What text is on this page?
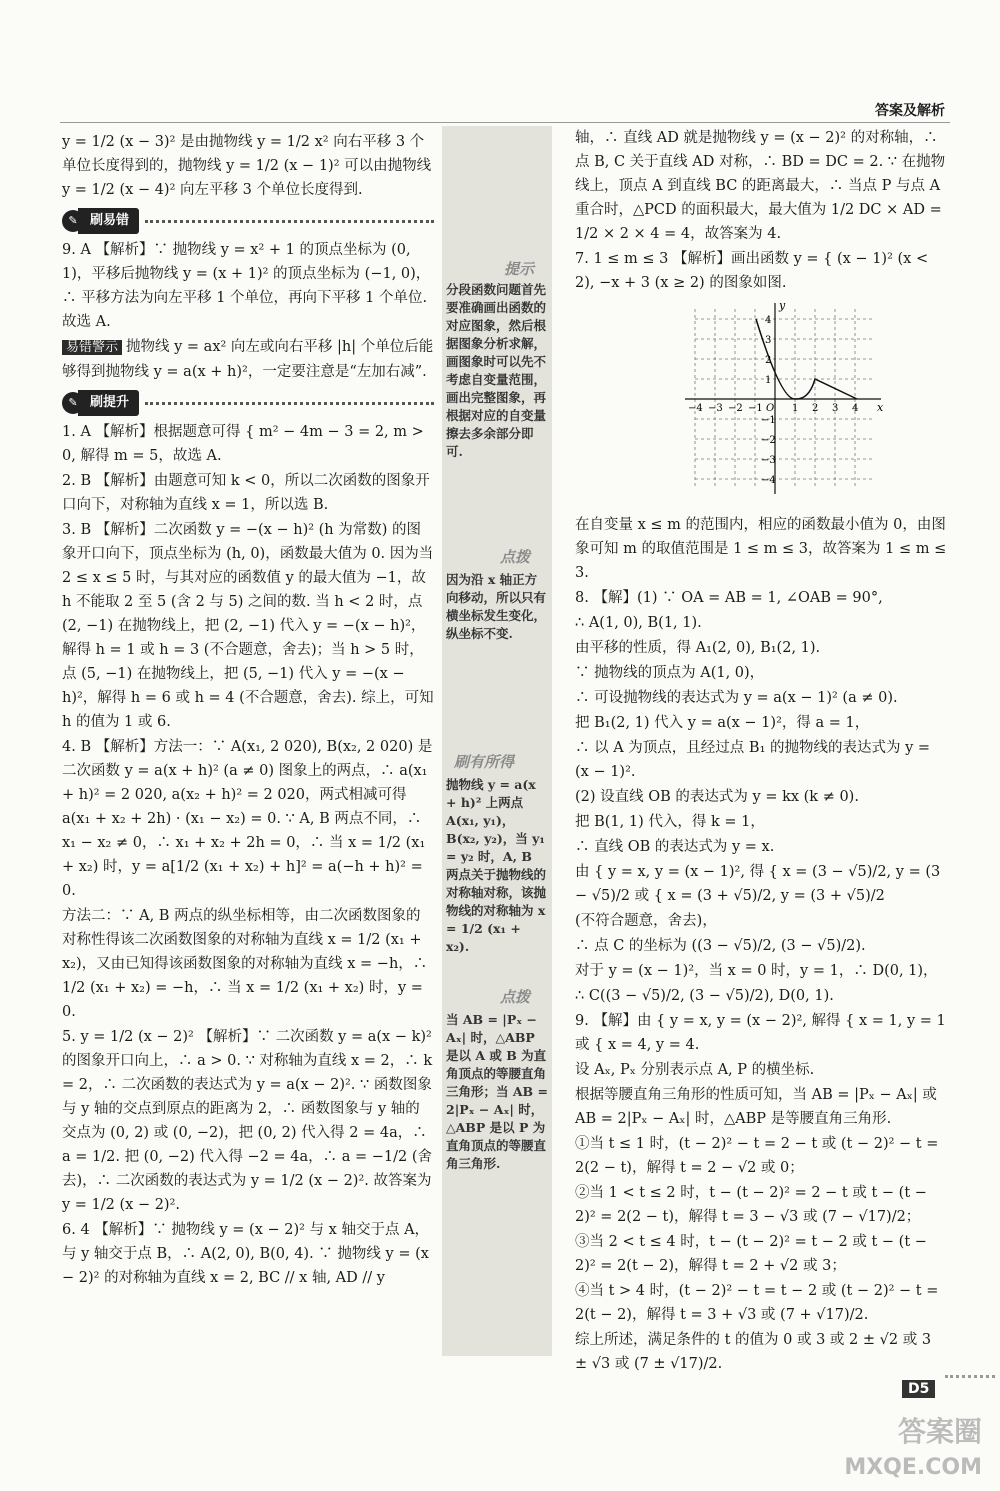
答案及解析

y = 1/2 (x − 3)² 是由抛物线 y = 1/2 x² 向右平移 3 个单位长度得到的，抛物线 y = 1/2 (x − 1)² 可以由抛物线 y = 1/2 (x − 4)² 向左平移 3 个单位长度得到.

✎ 刷易错

9. A 【解析】∵ 抛物线 y = x² + 1 的顶点坐标为 (0, 1)，平移后抛物线 y = (x + 1)² 的顶点坐标为 (−1, 0)，∴ 平移方法为向左平移 1 个单位，再向下平移 1 个单位. 故选 A.

易错警示 抛物线 y = ax² 向左或向右平移 |h| 个单位后能够得到抛物线 y = a(x + h)²，一定要注意是“左加右减”.

✎ 刷提升

1. A 【解析】根据题意可得 { m² − 4m − 3 = 2, m > 0, 解得 m = 5，故选 A.

2. B 【解析】由题意可知 k < 0，所以二次函数的图象开口向下，对称轴为直线 x = 1，所以选 B.

3. B 【解析】二次函数 y = −(x − h)² (h 为常数) 的图象开口向下，顶点坐标为 (h, 0)，函数最大值为 0. 因为当 2 ≤ x ≤ 5 时，与其对应的函数值 y 的最大值为 −1，故 h 不能取 2 至 5 (含 2 与 5) 之间的数. 当 h < 2 时，点 (2, −1) 在抛物线上，把 (2, −1) 代入 y = −(x − h)²，解得 h = 1 或 h = 3 (不合题意，舍去)；当 h > 5 时，点 (5, −1) 在抛物线上，把 (5, −1) 代入 y = −(x − h)²，解得 h = 6 或 h = 4 (不合题意，舍去). 综上，可知 h 的值为 1 或 6.

4. B 【解析】方法一：∵ A(x₁, 2 020), B(x₂, 2 020) 是二次函数 y = a(x + h)² (a ≠ 0) 图象上的两点，∴ a(x₁ + h)² = 2 020, a(x₂ + h)² = 2 020，两式相减可得 a(x₁ + x₂ + 2h) · (x₁ − x₂) = 0. ∵ A, B 两点不同，∴ x₁ − x₂ ≠ 0，∴ x₁ + x₂ + 2h = 0，∴ 当 x = 1/2 (x₁ + x₂) 时，y = a[1/2 (x₁ + x₂) + h]² = a(−h + h)² = 0.

方法二：∵ A, B 两点的纵坐标相等，由二次函数图象的对称性得该二次函数图象的对称轴为直线 x = 1/2 (x₁ + x₂)，又由已知得该函数图象的对称轴为直线 x = −h，∴ 1/2 (x₁ + x₂) = −h，∴ 当 x = 1/2 (x₁ + x₂) 时，y = 0.

5. y = 1/2 (x − 2)² 【解析】∵ 二次函数 y = a(x − k)² 的图象开口向上，∴ a > 0. ∵ 对称轴为直线 x = 2，∴ k = 2，∴ 二次函数的表达式为 y = a(x − 2)². ∵ 函数图象与 y 轴的交点到原点的距离为 2，∴ 函数图象与 y 轴的交点为 (0, 2) 或 (0, −2)，把 (0, 2) 代入得 2 = 4a，∴ a = 1/2. 把 (0, −2) 代入得 −2 = 4a，∴ a = −1/2 (舍去)，∴ 二次函数的表达式为 y = 1/2 (x − 2)². 故答案为 y = 1/2 (x − 2)².

6. 4 【解析】∵ 抛物线 y = (x − 2)² 与 x 轴交于点 A，与 y 轴交于点 B，∴ A(2, 0), B(0, 4). ∵ 抛物线 y = (x − 2)² 的对称轴为直线 x = 2, BC // x 轴, AD // y

提示
分段函数问题首先要准确画出函数的对应图象，然后根据图象分析求解，画图象时可以先不考虑自变量范围，画出完整图象，再根据对应的自变量擦去多余部分即可.
点拨
因为沿 x 轴正方向移动，所以只有横坐标发生变化，纵坐标不变.
刷有所得
抛物线 y = a(x + h)² 上两点 A(x₁, y₁)，B(x₂, y₂)，当 y₁ = y₂ 时，A, B 两点关于抛物线的对称轴对称，该抛物线的对称轴为 x = 1/2 (x₁ + x₂).
点拨
当 AB = |Pₓ − Aₓ| 时，△ABP 是以 A 或 B 为直角顶点的等腰直角三角形；当 AB = 2|Pₓ − Aₓ| 时，△ABP 是以 P 为直角顶点的等腰直角三角形.

轴，∴ 直线 AD 就是抛物线 y = (x − 2)² 的对称轴，∴ 点 B, C 关于直线 AD 对称，∴ BD = DC = 2. ∵ 在抛物线上，顶点 A 到直线 BC 的距离最大，∴ 当点 P 与点 A 重合时，△PCD 的面积最大，最大值为 1/2 DC × AD = 1/2 × 2 × 4 = 4，故答案为 4.

7. 1 ≤ m ≤ 3 【解析】画出函数 y = { (x − 1)² (x < 2), −x + 3 (x ≥ 2) 的图象如图.

x
y
−4 −3 −2 −1 O 1 2 3 4
4
3
2
1
−1
−2
−3
−4

在自变量 x ≤ m 的范围内，相应的函数最小值为 0，由图象可知 m 的取值范围是 1 ≤ m ≤ 3，故答案为 1 ≤ m ≤ 3.

8. 【解】(1) ∵ OA = AB = 1, ∠OAB = 90°,

∴ A(1, 0), B(1, 1).

由平移的性质，得 A₁(2, 0), B₁(2, 1).

∵ 抛物线的顶点为 A(1, 0)，

∴ 可设抛物线的表达式为 y = a(x − 1)² (a ≠ 0).

把 B₁(2, 1) 代入 y = a(x − 1)²，得 a = 1，

∴ 以 A 为顶点，且经过点 B₁ 的抛物线的表达式为 y = (x − 1)².

(2) 设直线 OB 的表达式为 y = kx (k ≠ 0).

把 B(1, 1) 代入，得 k = 1，

∴ 直线 OB 的表达式为 y = x.

由 { y = x, y = (x − 1)², 得 { x = (3 − √5)/2, y = (3 − √5)/2 或 { x = (3 + √5)/2, y = (3 + √5)/2

(不符合题意，舍去)，

∴ 点 C 的坐标为 ((3 − √5)/2, (3 − √5)/2).

对于 y = (x − 1)²，当 x = 0 时，y = 1，∴ D(0, 1)，

∴ C((3 − √5)/2, (3 − √5)/2), D(0, 1).

9. 【解】由 { y = x, y = (x − 2)², 解得 { x = 1, y = 1 或 { x = 4, y = 4.

设 Aₓ, Pₓ 分别表示点 A, P 的横坐标.

根据等腰直角三角形的性质可知，当 AB = |Pₓ − Aₓ| 或 AB = 2|Pₓ − Aₓ| 时，△ABP 是等腰直角三角形.

①当 t ≤ 1 时，(t − 2)² − t = 2 − t 或 (t − 2)² − t = 2(2 − t)，解得 t = 2 − √2 或 0；

②当 1 < t ≤ 2 时，t − (t − 2)² = 2 − t 或 t − (t − 2)² = 2(2 − t)，解得 t = 3 − √3 或 (7 − √17)/2；

③当 2 < t ≤ 4 时，t − (t − 2)² = t − 2 或 t − (t − 2)² = 2(t − 2)，解得 t = 2 + √2 或 3；

④当 t > 4 时，(t − 2)² − t = t − 2 或 (t − 2)² − t = 2(t − 2)，解得 t = 3 + √3 或 (7 + √17)/2.

综上所述，满足条件的 t 的值为 0 或 3 或 2 ± √2 或 3 ± √3 或 (7 ± √17)/2.

D5
答案圈
MXQE.COM
